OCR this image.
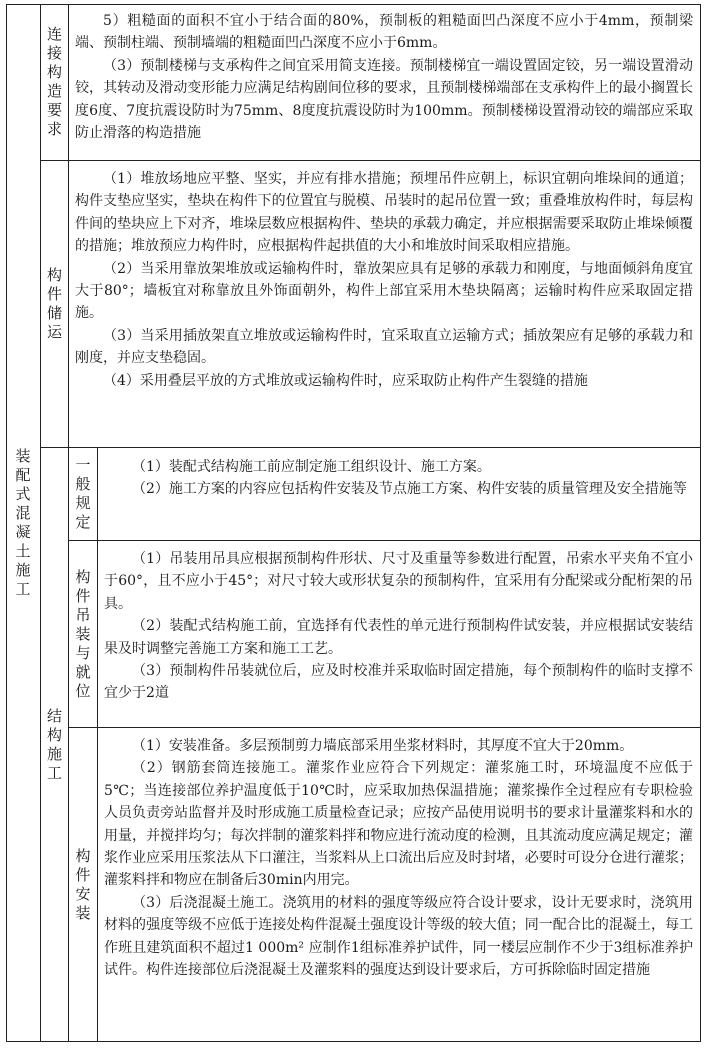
装配式混凝土施工
连接构造要求
构件储运
结构施工
一般规定
构件吊装与就位
构件安装

5）粗糙面的面积不宜小于结合面的80%，预制板的粗糙面凹凸深度不应小于4mm，预制梁端、预制柱端、预制墙端的粗糙面凹凸深度不应小于6mm。

（3）预制楼梯与支承构件之间宜采用简支连接。预制楼梯宜一端设置固定铰，另一端设置滑动铰，其转动及滑动变形能力应满足结构剧间位移的要求，且预制楼梯端部在支承构件上的最小搁置长度6度、7度抗震设防时为75mm、8度度抗震设防时为100mm。预制楼梯设置滑动铰的端部应采取防止滑落的构造措施

（1）堆放场地应平整、坚实，并应有排水措施；预埋吊件应朝上，标识宜朝向堆垛间的通道；构件支垫应坚实，垫块在构件下的位置宜与脱模、吊装时的起吊位置一致；重叠堆放构件时，每层构件间的垫块应上下对齐，堆垛层数应根据构件、垫块的承载力确定，并应根据需要采取防止堆垛倾覆的措施；堆放预应力构件时，应根据构件起拱值的大小和堆放时间采取相应措施。

（2）当采用靠放架堆放或运输构件时，靠放架应具有足够的承载力和刚度，与地面倾斜角度宜大于80°；墙板宜对称靠放且外饰面朝外，构件上部宜采用木垫块隔离；运输时构件应采取固定措施。

（3）当采用插放架直立堆放或运输构件时，宜采取直立运输方式；插放架应有足够的承载力和刚度，并应支垫稳固。

（4）采用叠层平放的方式堆放或运输构件时，应采取防止构件产生裂缝的措施

（1）装配式结构施工前应制定施工组织设计、施工方案。

（2）施工方案的内容应包括构件安装及节点施工方案、构件安装的质量管理及安全措施等

（1）吊装用吊具应根据预制构件形状、尺寸及重量等参数进行配置，吊索水平夹角不宜小于60°，且不应小于45°；对尺寸较大或形状复杂的预制构件，宜采用有分配梁或分配桁架的吊具。

（2）装配式结构施工前，宜选择有代表性的单元进行预制构件试安装，并应根据试安装结果及时调整完善施工方案和施工工艺。

（3）预制构件吊装就位后，应及时校准并采取临时固定措施，每个预制构件的临时支撑不宜少于2道

（1）安装准备。多层预制剪力墙底部采用坐浆材料时，其厚度不宜大于20mm。

（2）钢筋套筒连接施工。灌浆作业应符合下列规定：灌浆施工时，环境温度不应低于5℃；当连接部位养护温度低于10℃时，应采取加热保温措施；灌浆操作全过程应有专职检验人员负责旁站监督并及时形成施工质量检查记录；应按产品使用说明书的要求计量灌浆料和水的用量，并搅拌均匀；每次拌制的灌浆料拌和物应进行流动度的检测，且其流动度应满足规定；灌浆作业应采用压浆法从下口灌注，当浆料从上口流出后应及时封堵，必要时可设分仓进行灌浆；灌浆料拌和物应在制备后30min内用完。

（3）后浇混凝土施工。浇筑用的材料的强度等级应符合设计要求，设计无要求时，浇筑用材料的强度等级不应低于连接处构件混凝土强度设计等级的较大值；同一配合比的混凝土，每工作班且建筑面积不超过1 000m² 应制作1组标准养护试件，同一楼层应制作不少于3组标准养护试件。构件连接部位后浇混凝土及灌浆料的强度达到设计要求后，方可拆除临时固定措施
